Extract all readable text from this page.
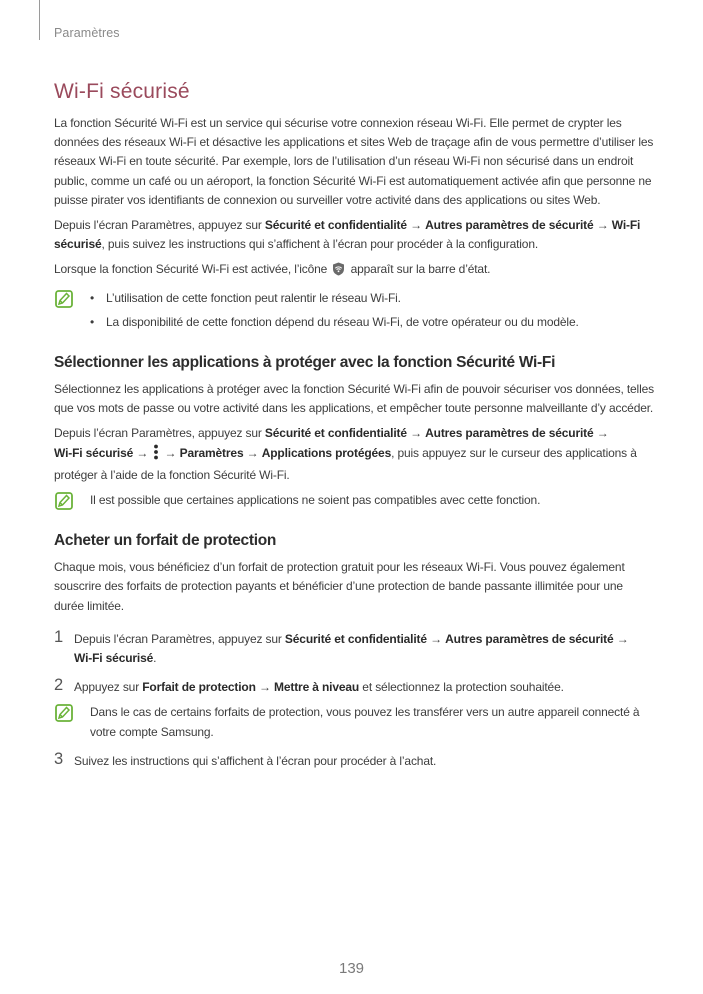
Paramètres
Wi-Fi sécurisé

La fonction Sécurité Wi-Fi est un service qui sécurise votre connexion réseau Wi-Fi. Elle permet de crypter les données des réseaux Wi-Fi et désactive les applications et sites Web de traçage afin de vous permettre d’utiliser les réseaux Wi-Fi en toute sécurité. Par exemple, lors de l’utilisation d’un réseau Wi-Fi non sécurisé dans un endroit public, comme un café ou un aéroport, la fonction Sécurité Wi-Fi est automatiquement activée afin que personne ne puisse pirater vos identifiants de connexion ou surveiller votre activité dans des applications ou sites Web.

Depuis l’écran Paramètres, appuyez sur Sécurité et confidentialité → Autres paramètres de sécurité → Wi-Fi sécurisé, puis suivez les instructions qui s’affichent à l’écran pour procéder à la configuration.

Lorsque la fonction Sécurité Wi-Fi est activée, l’icône apparaît sur la barre d’état.

• L’utilisation de cette fonction peut ralentir le réseau Wi-Fi.
• La disponibilité de cette fonction dépend du réseau Wi-Fi, de votre opérateur ou du modèle.
Sélectionner les applications à protéger avec la fonction Sécurité Wi-Fi

Sélectionnez les applications à protéger avec la fonction Sécurité Wi-Fi afin de pouvoir sécuriser vos données, telles que vos mots de passe ou votre activité dans les applications, et empêcher toute personne malveillante d’y accéder.

Depuis l’écran Paramètres, appuyez sur Sécurité et confidentialité → Autres paramètres de sécurité →
Wi-Fi sécurisé →  → Paramètres → Applications protégées, puis appuyez sur le curseur des applications à protéger à l’aide de la fonction Sécurité Wi-Fi.

Il est possible que certaines applications ne soient pas compatibles avec cette fonction.

Acheter un forfait de protection

Chaque mois, vous bénéficiez d’un forfait de protection gratuit pour les réseaux Wi-Fi. Vous pouvez également souscrire des forfaits de protection payants et bénéficier d’une protection de bande passante illimitée pour une durée limitée.

1 Depuis l’écran Paramètres, appuyez sur Sécurité et confidentialité → Autres paramètres de sécurité →
Wi-Fi sécurisé.

2 Appuyez sur Forfait de protection → Mettre à niveau et sélectionnez la protection souhaitée.

Dans le cas de certains forfaits de protection, vous pouvez les transférer vers un autre appareil connecté à votre compte Samsung.

3 Suivez les instructions qui s’affichent à l’écran pour procéder à l’achat.

139
